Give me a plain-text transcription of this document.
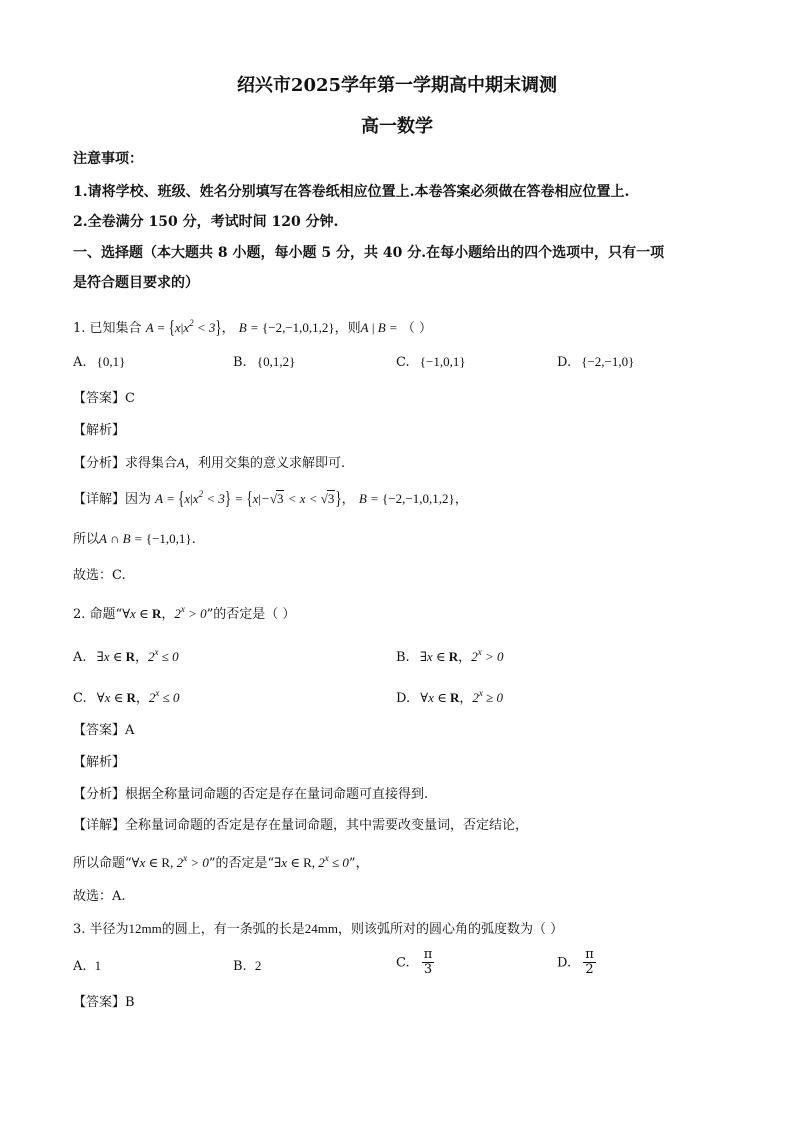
绍兴市2025学年第一学期高中期末调测
高一数学
注意事项：
1.请将学校、班级、姓名分别填写在答卷纸相应位置上.本卷答案必须做在答卷相应位置上.
2.全卷满分 150 分，考试时间 120 分钟.
一、选择题（本大题共 8 小题，每小题 5 分，共 40 分.在每小题给出的四个选项中，只有一项
是符合题目要求的）
1. 已知集合 $A = \{x|x^2 < 3\}$， B = {−2,−1,0,1,2}，则A | B = （ ）
A. {0,1}	B. {0,1,2}	C. {−1,0,1}	D. {−2,−1,0}
【答案】C
【解析】
【分析】求得集合A，利用交集的意义求解即可.
【详解】因为 $A = \{x|x^2 < 3\} = \{x|-√3 < x < √3\}$， B = {−2,−1,0,1,2}，
所以A ∩ B = {−1,0,1}.
故选：C.
2. 命题“∀x ∈ R，$2^x > 0$”的否定是（ ）
A. ∃x ∈ R，$2^x \le 0$	B. ∃x ∈ R，$2^x > 0$
C. ∀x ∈ R，$2^x \le 0$	D. ∀x ∈ R，$2^x \ge 0$
【答案】A
【解析】
【分析】根据全称量词命题的否定是存在量词命题可直接得到.
【详解】全称量词命题的否定是存在量词命题，其中需要改变量词，否定结论，
所以命题“∀x ∈ R, $2^x > 0$”的否定是“∃x ∈ R, $2^x \le 0$”，
故选：A.
3. 半径为12mm的圆上，有一条弧的长是24mm，则该弧所对的圆心角的弧度数为（ ）
A. 1	B. 2	C. $\frac{\pi}{3}$	D. $\frac{\pi}{2}$
【答案】B
